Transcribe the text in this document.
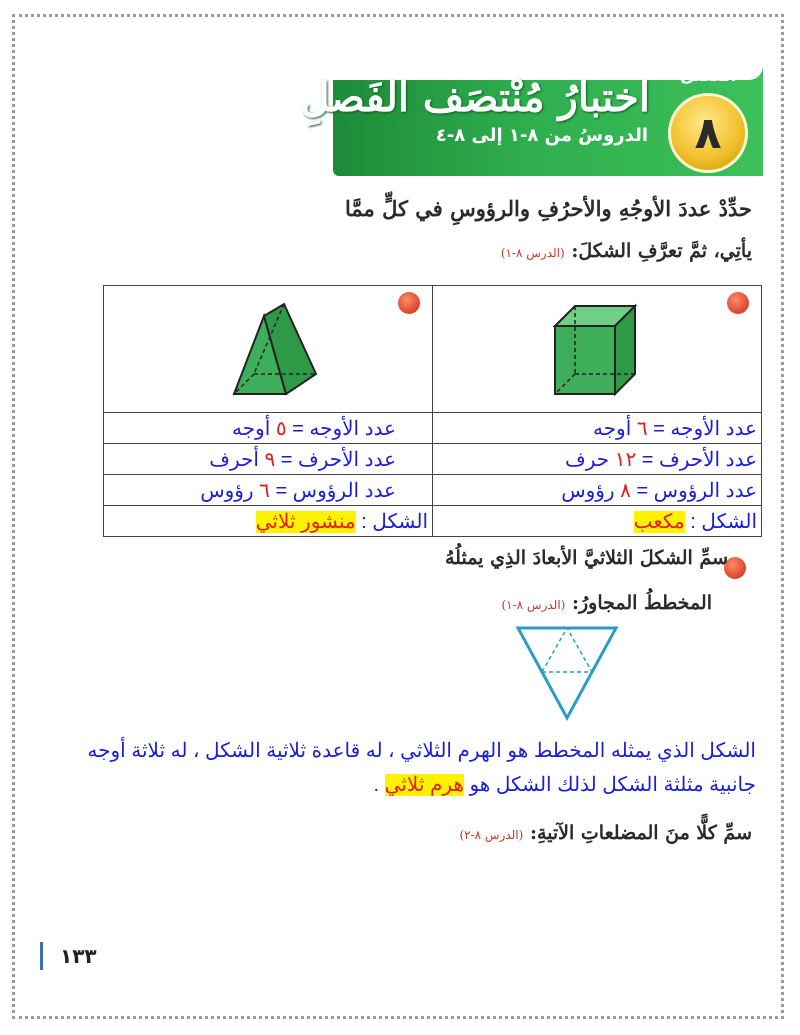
اختبارُ مُنْتصَف الفَصلِ
الدروسُ من ٨-١ إلى ٨-٤
الفصل
٨
حدِّدْ عددَ الأوجُهِ والأحرُفِ والرؤوسِ في كلٍّ ممَّا
يأتِي، ثمَّ تعرَّفِ الشكلَ: (الدرس ٨-١)

عدد الأوجه = ٦ أوجه	عدد الأوجه = ٥ أوجه
عدد الأحرف = ١٢ حرف	عدد الأحرف = ٩ أحرف
عدد الرؤوس = ٨ رؤوس	عدد الرؤوس = ٦ رؤوس
الشكل : مكعب	الشكل : منشور ثلاثي
سمِّ الشكلَ الثلاثيَّ الأبعادَ الذِي يمثلُهُ
المخططُ المجاورُ: (الدرس ٨-١)
الشكل الذي يمثله المخطط هو الهرم الثلاثي ، له قاعدة ثلاثية الشكل ، له ثلاثة أوجه
جانبية مثلثة الشكل لذلك الشكل هو هرم ثلاثي .
سمِّ كلًّا منَ المضلعاتِ الآتيةِ: (الدرس ٨-٢)
١٣٣
